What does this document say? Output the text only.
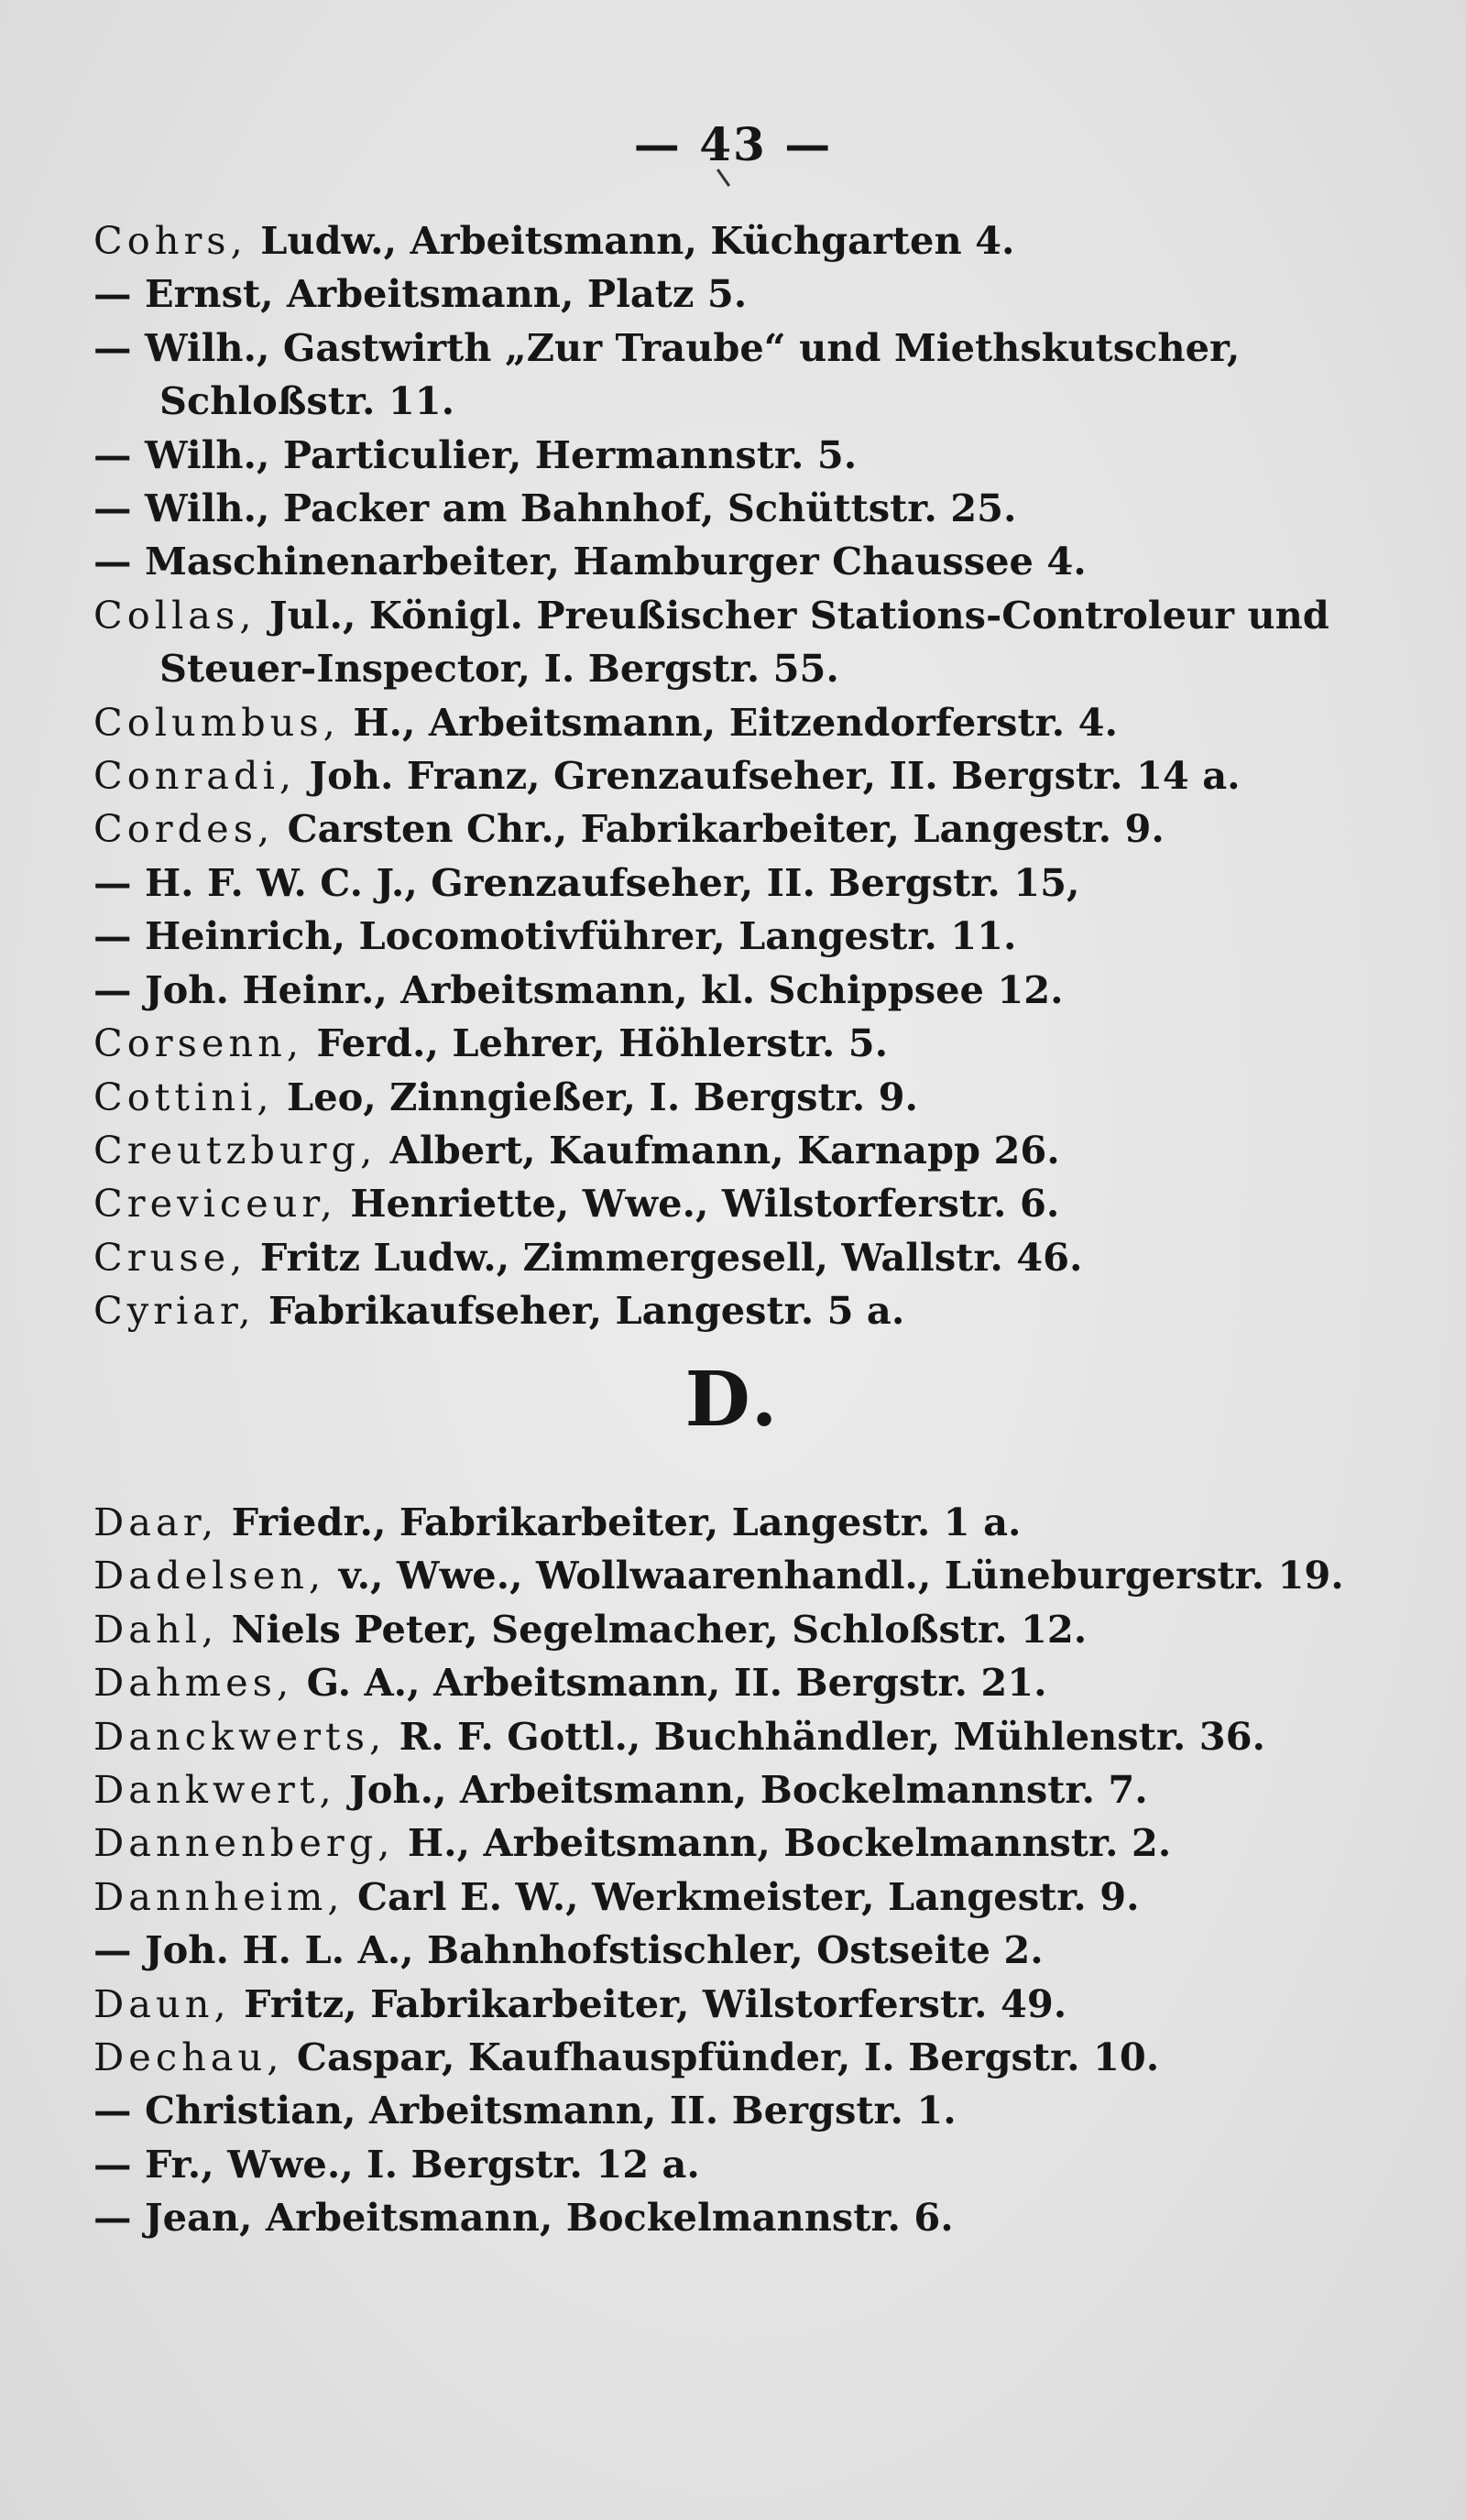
— 43 —
Cohrs, Ludw., Arbeitsmann, Küchgarten 4.
— Ernst, Arbeitsmann, Platz 5.
— Wilh., Gastwirth „Zur Traube“ und Miethskutscher,
Schloßstr. 11.
— Wilh., Particulier, Hermannstr. 5.
— Wilh., Packer am Bahnhof, Schüttstr. 25.
— Maschinenarbeiter, Hamburger Chaussee 4.
Collas, Jul., Königl. Preußischer Stations-Controleur und
Steuer-Inspector, I. Bergstr. 55.
Columbus, H., Arbeitsmann, Eitzendorferstr. 4.
Conradi, Joh. Franz, Grenzaufseher, II. Bergstr. 14 a.
Cordes, Carsten Chr., Fabrikarbeiter, Langestr. 9.
— H. F. W. C. J., Grenzaufseher, II. Bergstr. 15,
— Heinrich, Locomotivführer, Langestr. 11.
— Joh. Heinr., Arbeitsmann, kl. Schippsee 12.
Corsenn, Ferd., Lehrer, Höhlerstr. 5.
Cottini, Leo, Zinngießer, I. Bergstr. 9.
Creutzburg, Albert, Kaufmann, Karnapp 26.
Creviceur, Henriette, Wwe., Wilstorferstr. 6.
Cruse, Fritz Ludw., Zimmergesell, Wallstr. 46.
Cyriar, Fabrikaufseher, Langestr. 5 a.
D.
Daar, Friedr., Fabrikarbeiter, Langestr. 1 a.
Dadelsen, v., Wwe., Wollwaarenhandl., Lüneburgerstr. 19.
Dahl, Niels Peter, Segelmacher, Schloßstr. 12.
Dahmes, G. A., Arbeitsmann, II. Bergstr. 21.
Danckwerts, R. F. Gottl., Buchhändler, Mühlenstr. 36.
Dankwert, Joh., Arbeitsmann, Bockelmannstr. 7.
Dannenberg, H., Arbeitsmann, Bockelmannstr. 2.
Dannheim, Carl E. W., Werkmeister, Langestr. 9.
— Joh. H. L. A., Bahnhofstischler, Ostseite 2.
Daun, Fritz, Fabrikarbeiter, Wilstorferstr. 49.
Dechau, Caspar, Kaufhauspfünder, I. Bergstr. 10.
— Christian, Arbeitsmann, II. Bergstr. 1.
— Fr., Wwe., I. Bergstr. 12 a.
— Jean, Arbeitsmann, Bockelmannstr. 6.
